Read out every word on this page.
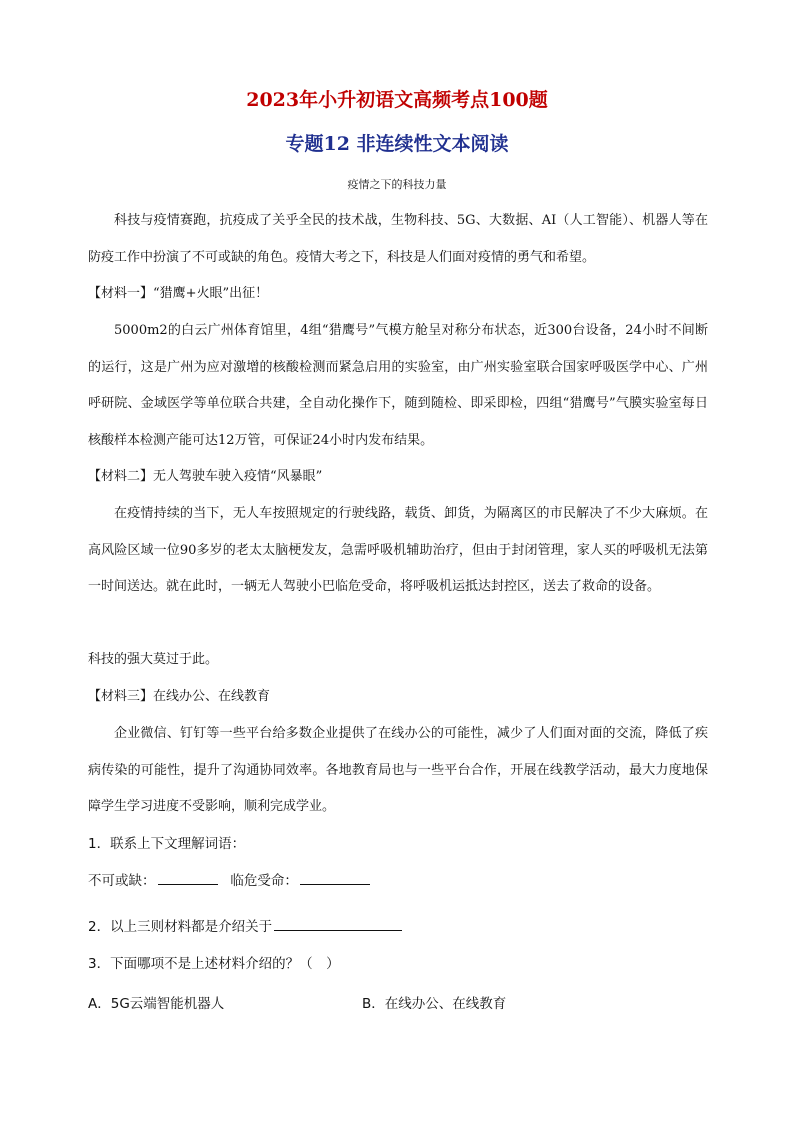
2023年小升初语文高频考点100题
专题12 非连续性文本阅读

疫情之下的科技力量

科技与疫情赛跑，抗疫成了关乎全民的技术战，生物科技、5G、大数据、AI（人工智能）、机器人等在防疫工作中扮演了不可或缺的角色。疫情大考之下，科技是人们面对疫情的勇气和希望。

【材料一】“猎鹰+火眼”出征！

5000m2的白云广州体育馆里，4组“猎鹰号”气模方舱呈对称分布状态，近300台设备，24小时不间断的运行，这是广州为应对激增的核酸检测而紧急启用的实验室，由广州实验室联合国家呼吸医学中心、广州呼研院、金域医学等单位联合共建，全自动化操作下，随到随检、即采即检，四组“猎鹰号”气膜实验室每日核酸样本检测产能可达12万管，可保证24小时内发布结果。

【材料二】无人驾驶车驶入疫情“风暴眼”

在疫情持续的当下，无人车按照规定的行驶线路，载货、卸货，为隔离区的市民解决了不少大麻烦。在高风险区域一位90多岁的老太太脑梗发友，急需呼吸机辅助治疗，但由于封闭管理，家人买的呼吸机无法第一时间送达。就在此时，一辆无人驾驶小巴临危受命，将呼吸机运抵达封控区，送去了救命的设备。

科技的强大莫过于此。

【材料三】在线办公、在线教育

企业微信、钉钉等一些平台给多数企业提供了在线办公的可能性，减少了人们面对面的交流，降低了疾病传染的可能性，提升了沟通协同效率。各地教育局也与一些平台合作，开展在线教学活动，最大力度地保障学生学习进度不受影响，顺利完成学业。

1．联系上下文理解词语：

不可或缺：	临危受命：

2．以上三则材料都是介绍关于

3．下面哪项不是上述材料介绍的？（　）

A．5G云端智能机器人	B．在线办公、在线教育
